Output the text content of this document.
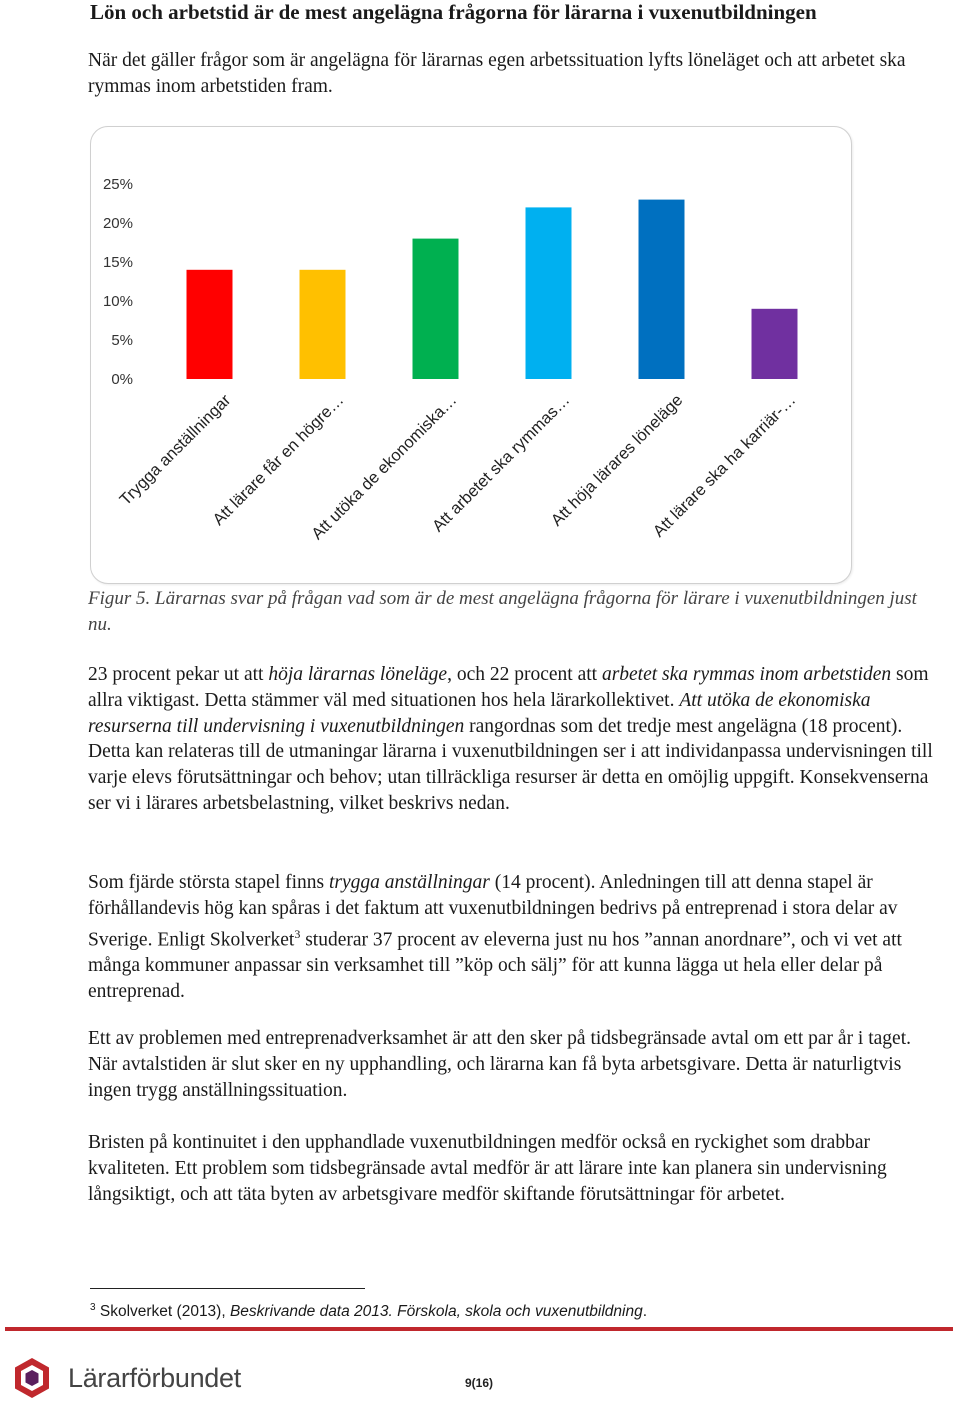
Lön och arbetstid är de mest angelägna frågorna för lärarna i vuxenutbildningen

När det gäller frågor som är angelägna för lärarnas egen arbetssituation lyfts löneläget och att arbetet ska rymmas inom arbetstiden fram.

0%
5%
10%
15%
20%
25%
Trygga anställningar
Att lärare får en högre…
Att utöka de ekonomiska…
Att arbetet ska rymmas…
Att höja lärares löneläge
Att lärare ska ha karriär-…
Figur 5. Lärarnas svar på frågan vad som är de mest angelägna frågorna för lärare i vuxenutbildningen just nu.

23 procent pekar ut att höja lärarnas löneläge, och 22 procent att arbetet ska rymmas inom arbetstiden som allra viktigast. Detta stämmer väl med situationen hos hela lärarkollektivet. Att utöka de ekonomiska resurserna till undervisning i vuxenutbildningen rangordnas som det tredje mest angelägna (18 procent). Detta kan relateras till de utmaningar lärarna i vuxenutbildningen ser i att individanpassa undervisningen till varje elevs förutsättningar och behov; utan tillräckliga resurser är detta en omöjlig uppgift. Konsekvenserna ser vi i lärares arbetsbelastning, vilket beskrivs nedan.

Som fjärde största stapel finns trygga anställningar (14 procent). Anledningen till att denna stapel är förhållandevis hög kan spåras i det faktum att vuxenutbildningen bedrivs på entreprenad i stora delar av Sverige. Enligt Skolverket$^3$ studerar 37 procent av eleverna just nu hos ”annan anordnare”, och vi vet att många kommuner anpassar sin verksamhet till ”köp och sälj” för att kunna lägga ut hela eller delar på entreprenad.

Ett av problemen med entreprenadverksamhet är att den sker på tidsbegränsade avtal om ett par år i taget. När avtalstiden är slut sker en ny upphandling, och lärarna kan få byta arbetsgivare. Detta är naturligtvis ingen trygg anställningssituation.

Bristen på kontinuitet i den upphandlade vuxenutbildningen medför också en ryckighet som drabbar kvaliteten. Ett problem som tidsbegränsade avtal medför är att lärare inte kan planera sin undervisning långsiktigt, och att täta byten av arbetsgivare medför skiftande förutsättningar för arbetet.

$^3$ Skolverket (2013), Beskrivande data 2013. Förskola, skola och vuxenutbildning.
Lärarförbundet	9(16)
